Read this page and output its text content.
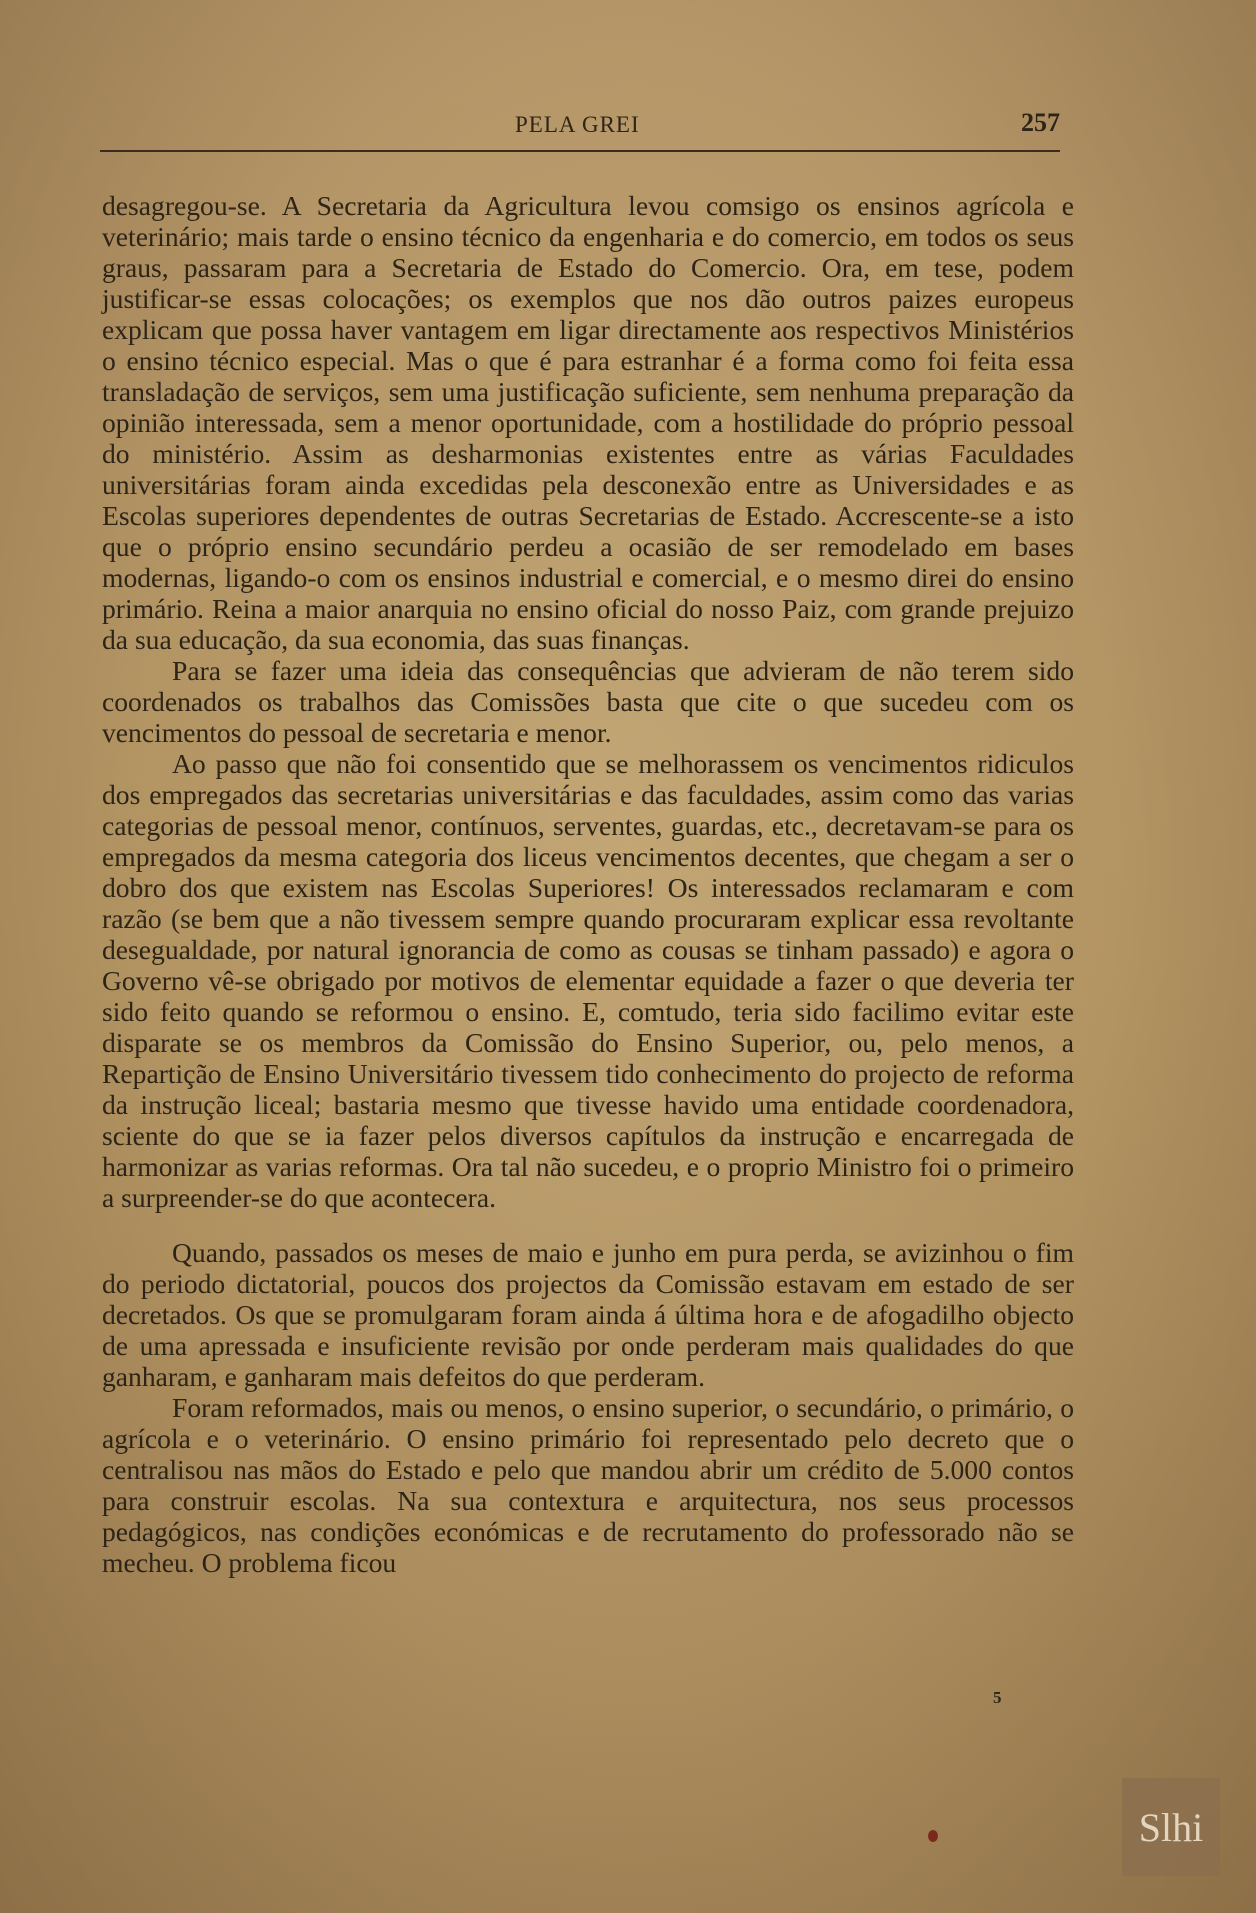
PELA GREI	257

desagregou-se. A Secretaria da Agricultura levou comsigo os ensinos agrícola e veterinário; mais tarde o ensino técnico da engenharia e do comercio, em todos os seus graus, passaram para a Secretaria de Estado do Comercio. Ora, em tese, podem justificar-se essas colocações; os exemplos que nos dão outros paizes europeus explicam que possa haver vantagem em ligar directamente aos respectivos Ministérios o ensino técnico especial. Mas o que é para estranhar é a forma como foi feita essa transladação de serviços, sem uma justificação suficiente, sem nenhuma preparação da opinião interessada, sem a menor oportunidade, com a hostilidade do próprio pessoal do ministério. Assim as desharmonias existentes entre as várias Faculdades universitárias foram ainda excedidas pela desconexão entre as Universidades e as Escolas superiores dependentes de outras Secretarias de Estado. Accrescente-se a isto que o próprio ensino secundário perdeu a ocasião de ser remodelado em bases modernas, ligando-o com os ensinos industrial e comercial, e o mesmo direi do ensino primário. Reina a maior anarquia no ensino oficial do nosso Paiz, com grande prejuizo da sua educação, da sua economia, das suas finanças.

Para se fazer uma ideia das consequências que advieram de não terem sido coordenados os trabalhos das Comissões basta que cite o que sucedeu com os vencimentos do pessoal de secretaria e menor.

Ao passo que não foi consentido que se melhorassem os vencimentos ridiculos dos empregados das secretarias universitárias e das faculdades, assim como das varias categorias de pessoal menor, contínuos, serventes, guardas, etc., decretavam-se para os empregados da mesma categoria dos liceus vencimentos decentes, que chegam a ser o dobro dos que existem nas Escolas Superiores! Os interessados reclamaram e com razão (se bem que a não tivessem sempre quando procuraram explicar essa revoltante desegualdade, por natural ignorancia de como as cousas se tinham passado) e agora o Governo vê-se obrigado por motivos de elementar equidade a fazer o que deveria ter sido feito quando se reformou o ensino. E, comtudo, teria sido facilimo evitar este disparate se os membros da Comissão do Ensino Superior, ou, pelo menos, a Repartição de Ensino Universitário tivessem tido conhecimento do projecto de reforma da instrução liceal; bastaria mesmo que tivesse havido uma entidade coordenadora, sciente do que se ia fazer pelos diversos capítulos da instrução e encarregada de harmonizar as varias reformas. Ora tal não sucedeu, e o proprio Ministro foi o primeiro a surpreender-se do que acontecera.

Quando, passados os meses de maio e junho em pura perda, se avizinhou o fim do periodo dictatorial, poucos dos projectos da Comissão estavam em estado de ser decretados. Os que se promulgaram foram ainda á última hora e de afogadilho objecto de uma apressada e insuficiente revisão por onde perderam mais qualidades do que ganharam, e ganharam mais defeitos do que perderam.

Foram reformados, mais ou menos, o ensino superior, o secundário, o primário, o agrícola e o veterinário. O ensino primário foi representado pelo decreto que o centralisou nas mãos do Estado e pelo que mandou abrir um crédito de 5.000 contos para construir escolas. Na sua contextura e arquitectura, nos seus processos pedagógicos, nas condições económicas e de recrutamento do professorado não se mecheu. O problema ficou

5
Slhi
